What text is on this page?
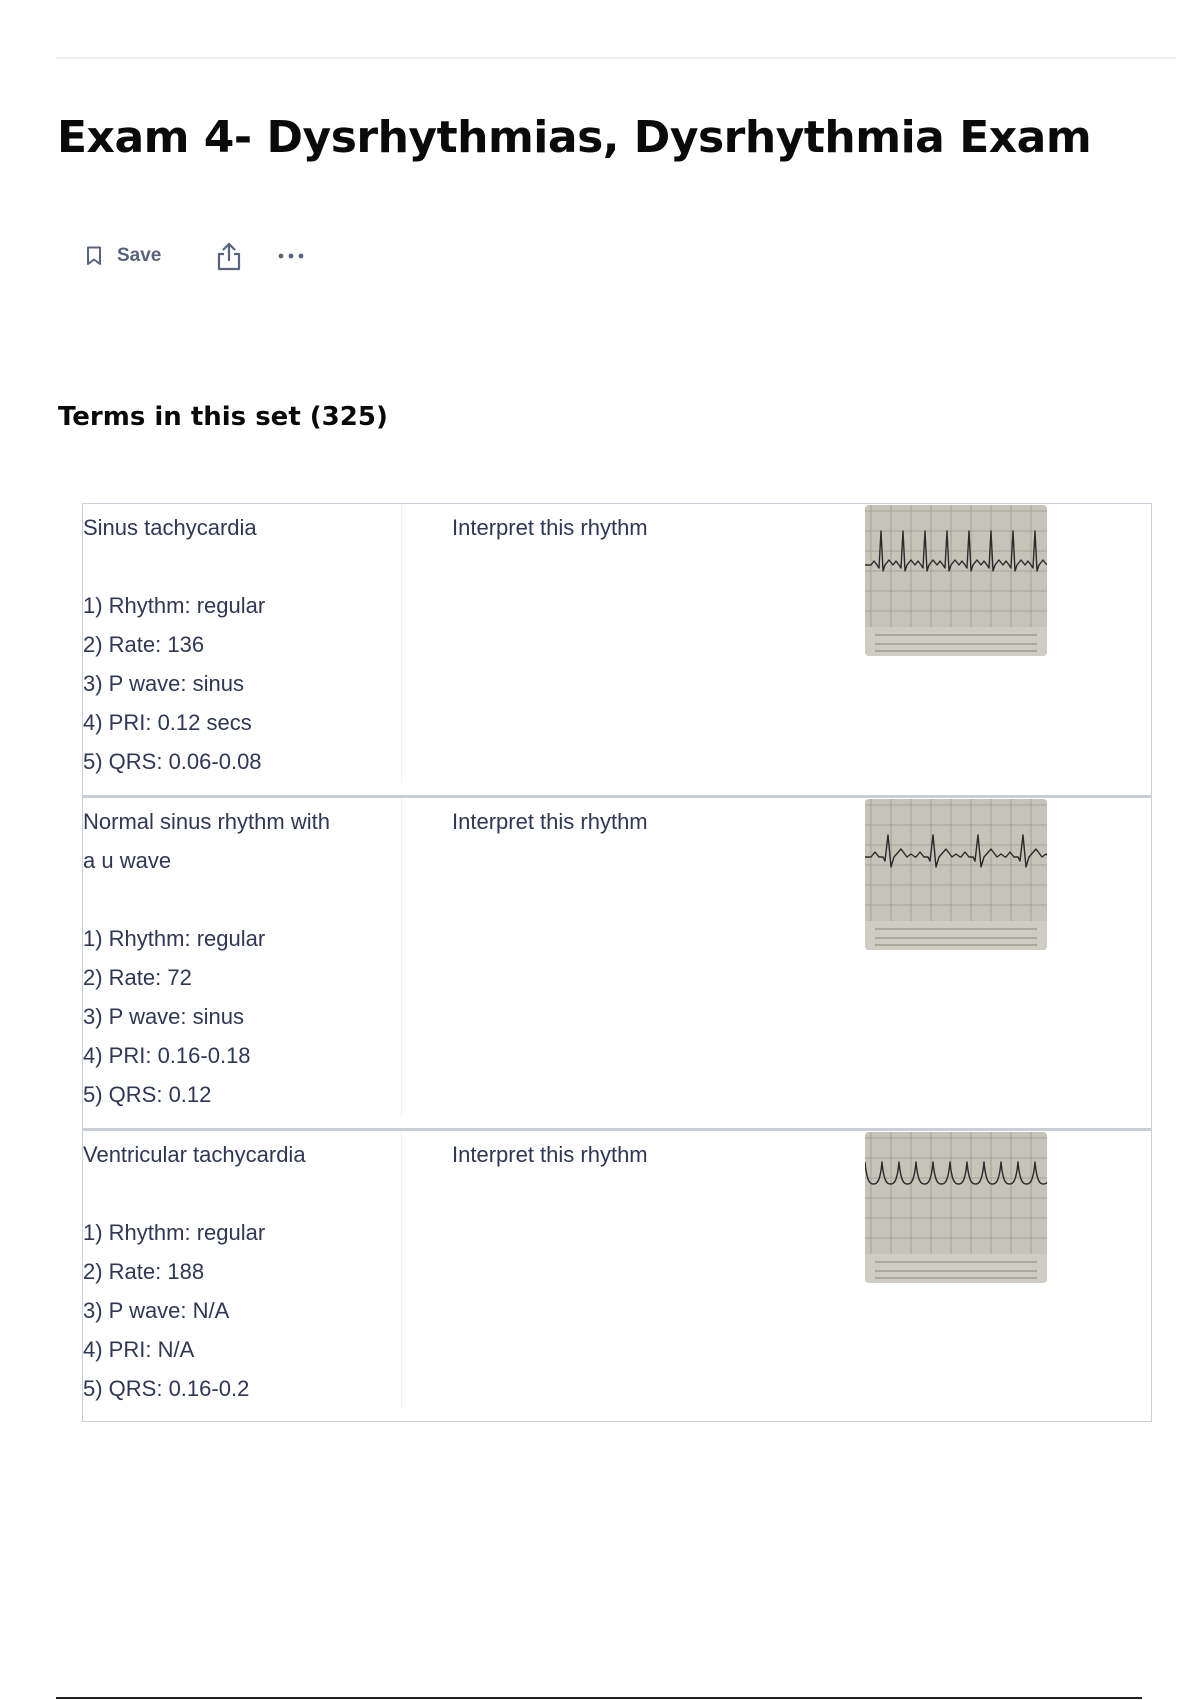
Exam 4- Dysrhythmias, Dysrhythmia Exam
Save
Terms in this set (325)
Sinus tachycardia

1) Rhythm: regular
2) Rate: 136
3) P wave: sinus
4) PRI: 0.12 secs
5) QRS: 0.06-0.08
Interpret this rhythm
Normal sinus rhythm with
a u wave

1) Rhythm: regular
2) Rate: 72
3) P wave: sinus
4) PRI: 0.16-0.18
5) QRS: 0.12
Interpret this rhythm
Ventricular tachycardia

1) Rhythm: regular
2) Rate: 188
3) P wave: N/A
4) PRI: N/A
5) QRS: 0.16-0.2
Interpret this rhythm
